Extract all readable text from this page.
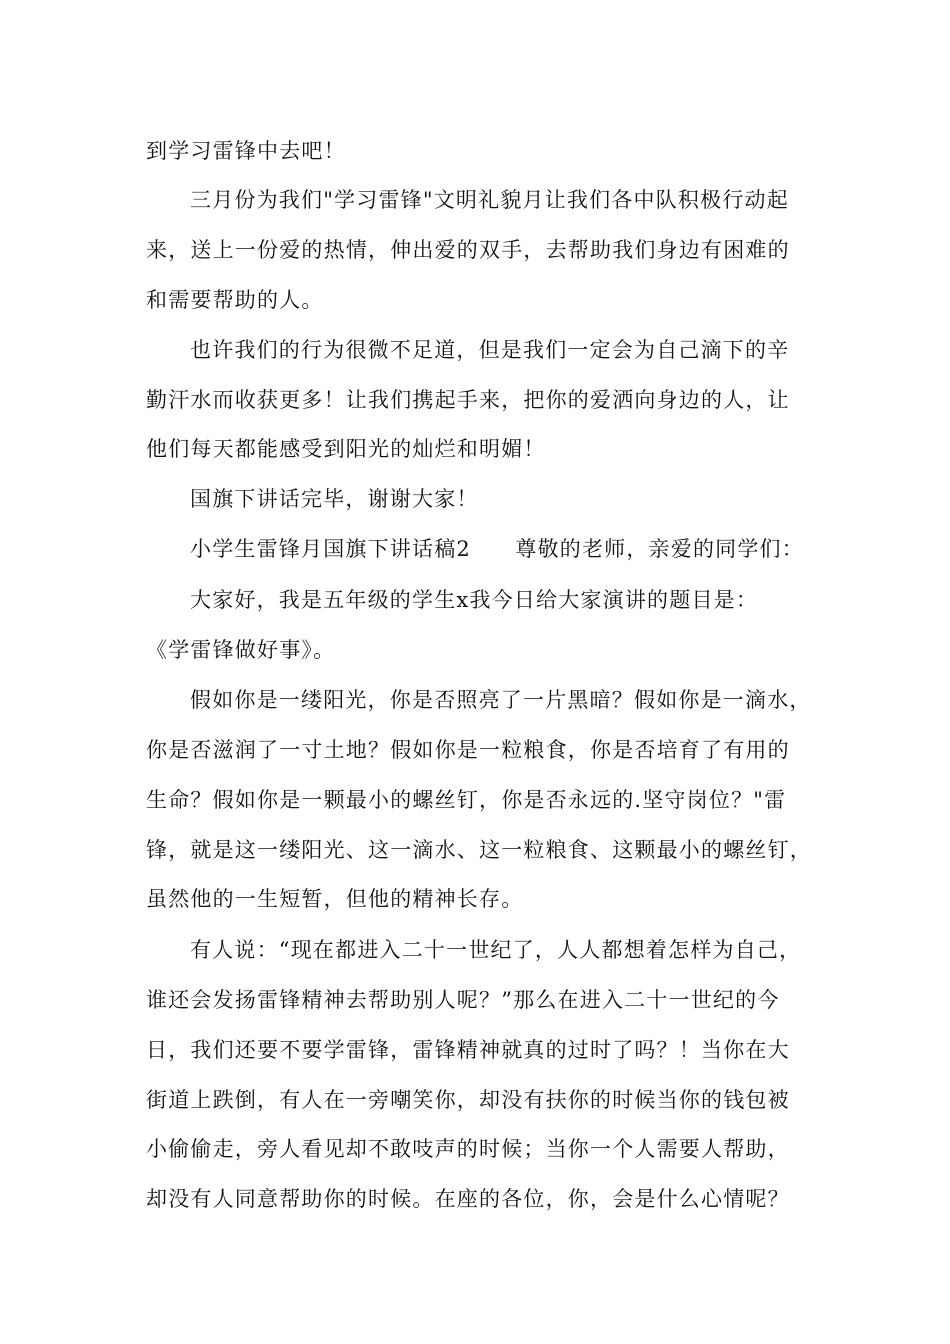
到学习雷锋中去吧！
三月份为我们"学习雷锋"文明礼貌月让我们各中队积极行动起
来，送上一份爱的热情，伸出爱的双手，去帮助我们身边有困难的
和需要帮助的人。
也许我们的行为很微不足道，但是我们一定会为自己滴下的辛
勤汗水而收获更多！让我们携起手来，把你的爱洒向身边的人，让
他们每天都能感受到阳光的灿烂和明媚！
国旗下讲话完毕，谢谢大家！
小学生雷锋月国旗下讲话稿2　　尊敬的老师，亲爱的同学们：
大家好，我是五年级的学生x我今日给大家演讲的题目是：
《学雷锋做好事》。
假如你是一缕阳光，你是否照亮了一片黑暗？假如你是一滴水，
你是否滋润了一寸土地？假如你是一粒粮食，你是否培育了有用的
生命？假如你是一颗最小的螺丝钉，你是否永远的.坚守岗位？"雷
锋，就是这一缕阳光、这一滴水、这一粒粮食、这颗最小的螺丝钉，
虽然他的一生短暂，但他的精神长存。
有人说：“现在都进入二十一世纪了，人人都想着怎样为自己，
谁还会发扬雷锋精神去帮助别人呢？”那么在进入二十一世纪的今
日，我们还要不要学雷锋，雷锋精神就真的过时了吗？！当你在大
街道上跌倒，有人在一旁嘲笑你，却没有扶你的时候当你的钱包被
小偷偷走，旁人看见却不敢吱声的时候；当你一个人需要人帮助，
却没有人同意帮助你的时候。在座的各位，你，会是什么心情呢？
